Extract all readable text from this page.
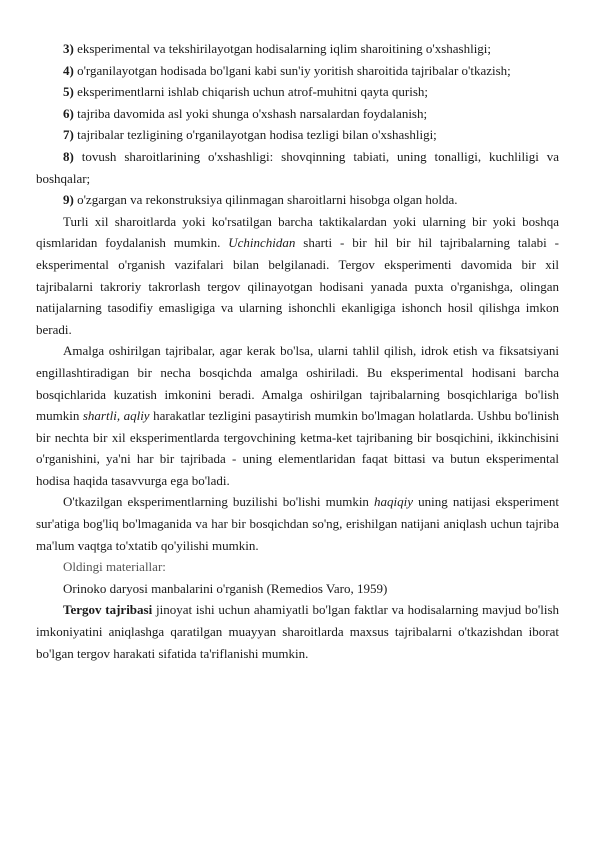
3) eksperimental va tekshirilayotgan hodisalarning iqlim sharoitining o'xshashligi;

4) o'rganilayotgan hodisada bo'lgani kabi sun'iy yoritish sharoitida tajribalar o'tkazish;

5) eksperimentlarni ishlab chiqarish uchun atrof-muhitni qayta qurish;

6) tajriba davomida asl yoki shunga o'xshash narsalardan foydalanish;

7) tajribalar tezligining o'rganilayotgan hodisa tezligi bilan o'xshashligi;

8) tovush sharoitlarining o'xshashligi: shovqinning tabiati, uning tonalligi, kuchliligi va boshqalar;

9) o'zgargan va rekonstruksiya qilinmagan sharoitlarni hisobga olgan holda.

Turli xil sharoitlarda yoki ko'rsatilgan barcha taktikalardan yoki ularning bir yoki boshqa qismlaridan foydalanish mumkin. Uchinchidan sharti - bir hil bir hil tajribalarning talabi - eksperimental o'rganish vazifalari bilan belgilanadi. Tergov eksperimenti davomida bir xil tajribalarni takroriy takrorlash tergov qilinayotgan hodisani yanada puxta o'rganishga, olingan natijalarning tasodifiy emasligiga va ularning ishonchli ekanligiga ishonch hosil qilishga imkon beradi.

Amalga oshirilgan tajribalar, agar kerak bo'lsa, ularni tahlil qilish, idrok etish va fiksatsiyani engillashtiradigan bir necha bosqichda amalga oshiriladi. Bu eksperimental hodisani barcha bosqichlarida kuzatish imkonini beradi. Amalga oshirilgan tajribalarning bosqichlariga bo'lish mumkin shartli, aqliy harakatlar tezligini pasaytirish mumkin bo'lmagan holatlarda. Ushbu bo'linish bir nechta bir xil eksperimentlarda tergovchining ketma-ket tajribaning bir bosqichini, ikkinchisini o'rganishini, ya'ni har bir tajribada - uning elementlaridan faqat bittasi va butun eksperimental hodisa haqida tasavvurga ega bo'ladi.

O'tkazilgan eksperimentlarning buzilishi bo'lishi mumkin haqiqiy uning natijasi eksperiment sur'atiga bog'liq bo'lmaganida va har bir bosqichdan so'ng, erishilgan natijani aniqlash uchun tajriba ma'lum vaqtga to'xtatib qo'yilishi mumkin.

Oldingi materiallar:

Orinoko daryosi manbalarini o'rganish (Remedios Varo, 1959)

Tergov tajribasi jinoyat ishi uchun ahamiyatli bo'lgan faktlar va hodisalarning mavjud bo'lish imkoniyatini aniqlashga qaratilgan muayyan sharoitlarda maxsus tajribalarni o'tkazishdan iborat bo'lgan tergov harakati sifatida ta'riflanishi mumkin.
